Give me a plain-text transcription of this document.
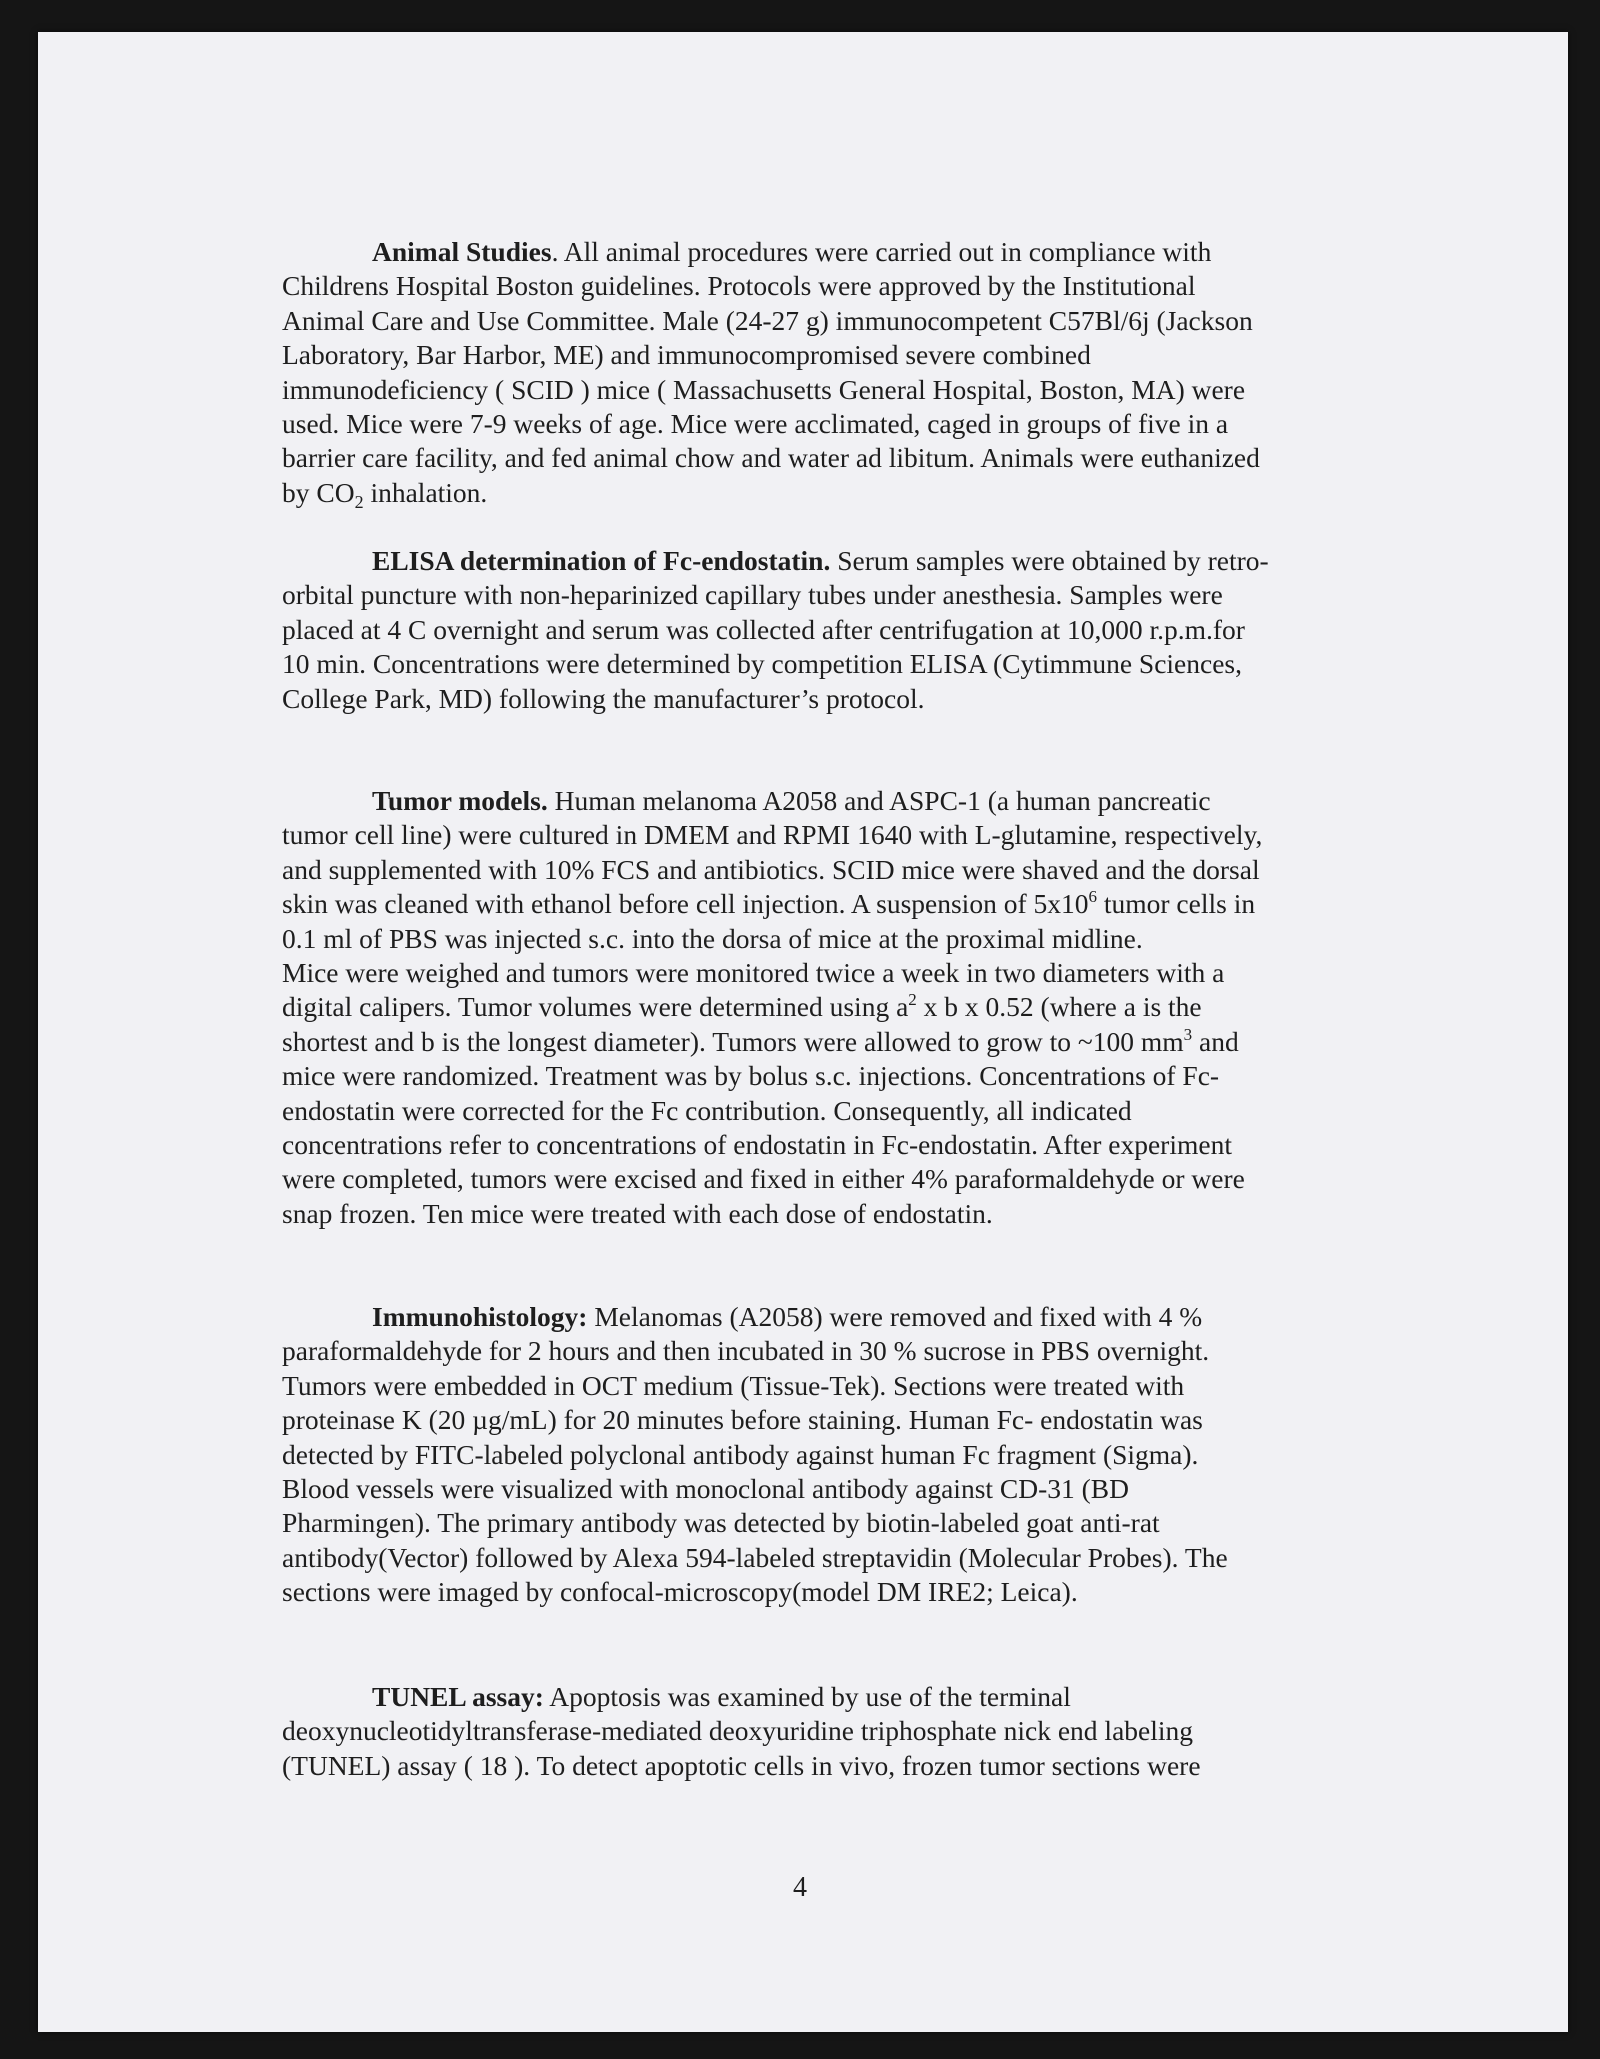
Animal Studies. All animal procedures were carried out in compliance with
Childrens Hospital Boston guidelines. Protocols were approved by the Institutional
Animal Care and Use Committee. Male (24-27 g) immunocompetent C57Bl/6j (Jackson
Laboratory, Bar Harbor, ME) and immunocompromised severe combined
immunodeficiency ( SCID ) mice ( Massachusetts General Hospital, Boston, MA) were
used. Mice were 7-9 weeks of age. Mice were acclimated, caged in groups of five in a
barrier care facility, and fed animal chow and water ad libitum. Animals were euthanized
by $CO_2$ inhalation.
ELISA determination of Fc-endostatin. Serum samples were obtained by retro-
orbital puncture with non-heparinized capillary tubes under anesthesia. Samples were
placed at 4 C overnight and serum was collected after centrifugation at 10,000 r.p.m.for
10 min. Concentrations were determined by competition ELISA (Cytimmune Sciences,
College Park, MD) following the manufacturer’s protocol.
Tumor models. Human melanoma A2058 and ASPC-1 (a human pancreatic
tumor cell line) were cultured in DMEM and RPMI 1640 with L-glutamine, respectively,
and supplemented with 10% FCS and antibiotics. SCID mice were shaved and the dorsal
skin was cleaned with ethanol before cell injection. A suspension of $5x10^6$ tumor cells in
0.1 ml of PBS was injected s.c. into the dorsa of mice at the proximal midline.
Mice were weighed and tumors were monitored twice a week in two diameters with a
digital calipers. Tumor volumes were determined using $a^2$ x b x 0.52 (where a is the
shortest and b is the longest diameter). Tumors were allowed to grow to ~100 $mm^3$ and
mice were randomized. Treatment was by bolus s.c. injections. Concentrations of Fc-
endostatin were corrected for the Fc contribution. Consequently, all indicated
concentrations refer to concentrations of endostatin in Fc-endostatin. After experiment
were completed, tumors were excised and fixed in either 4% paraformaldehyde or were
snap frozen. Ten mice were treated with each dose of endostatin.
Immunohistology: Melanomas (A2058) were removed and fixed with 4 %
paraformaldehyde for 2 hours and then incubated in 30 % sucrose in PBS overnight.
Tumors were embedded in OCT medium (Tissue-Tek). Sections were treated with
proteinase K (20 µg/mL) for 20 minutes before staining. Human Fc- endostatin was
detected by FITC-labeled polyclonal antibody against human Fc fragment (Sigma).
Blood vessels were visualized with monoclonal antibody against CD-31 (BD
Pharmingen). The primary antibody was detected by biotin-labeled goat anti-rat
antibody(Vector) followed by Alexa 594-labeled streptavidin (Molecular Probes). The
sections were imaged by confocal-microscopy(model DM IRE2; Leica).
TUNEL assay: Apoptosis was examined by use of the terminal
deoxynucleotidyltransferase-mediated deoxyuridine triphosphate nick end labeling
(TUNEL) assay ( 18 ). To detect apoptotic cells in vivo, frozen tumor sections were
4
